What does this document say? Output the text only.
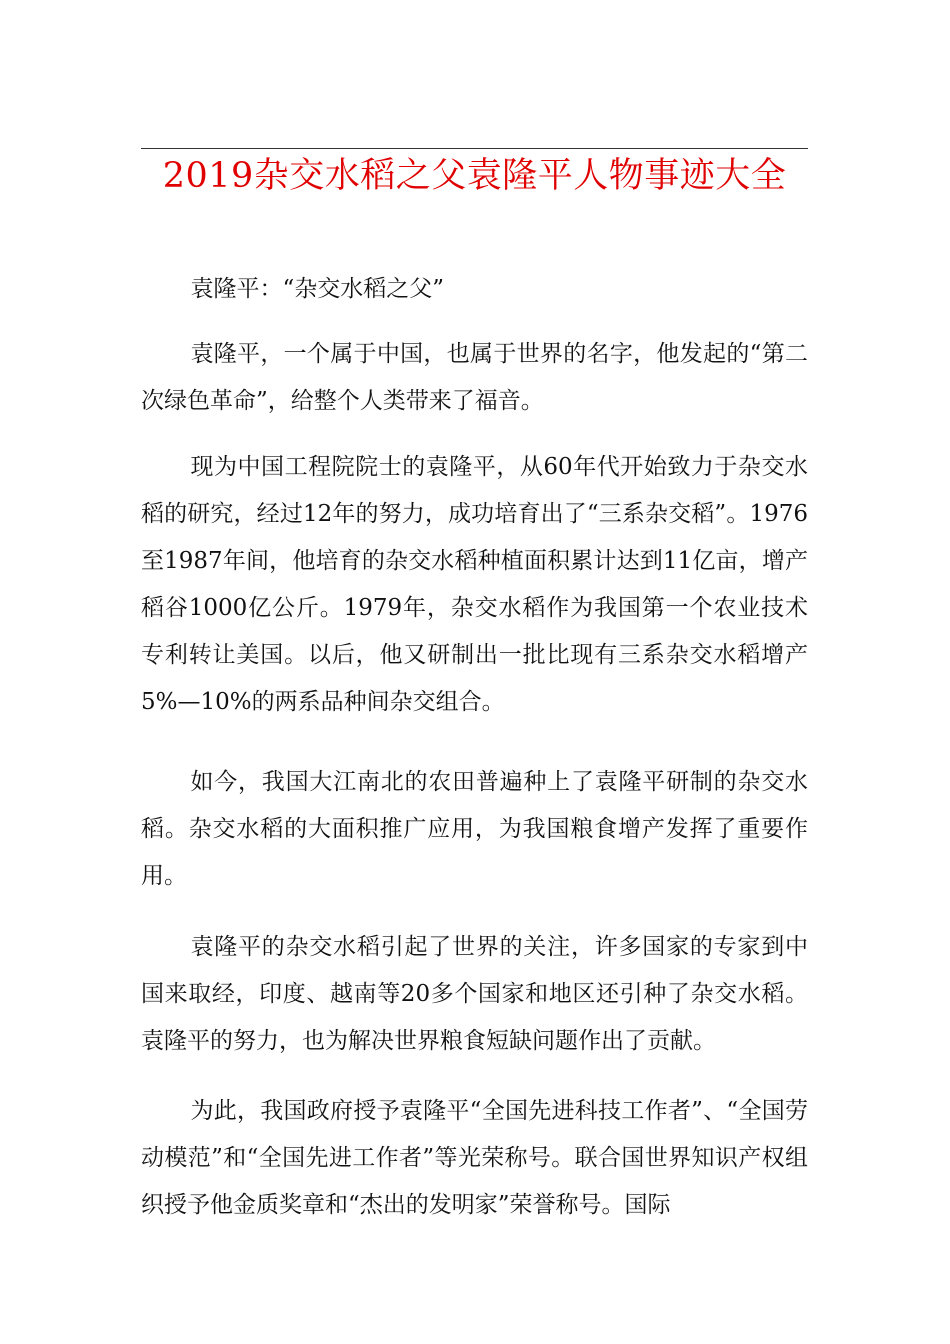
2019杂交水稻之父袁隆平人物事迹大全

袁隆平：“杂交水稻之父”

袁隆平，一个属于中国，也属于世界的名字，他发起的“第二次绿色革命”，给整个人类带来了福音。

现为中国工程院院士的袁隆平，从60年代开始致力于杂交水稻的研究，经过12年的努力，成功培育出了“三系杂交稻”。1976至1987年间，他培育的杂交水稻种植面积累计达到11亿亩，增产稻谷1000亿公斤。1979年，杂交水稻作为我国第一个农业技术专利转让美国。以后，他又研制出一批比现有三系杂交水稻增产5%—10%的两系品种间杂交组合。

如今，我国大江南北的农田普遍种上了袁隆平研制的杂交水稻。杂交水稻的大面积推广应用，为我国粮食增产发挥了重要作用。

袁隆平的杂交水稻引起了世界的关注，许多国家的专家到中国来取经，印度、越南等20多个国家和地区还引种了杂交水稻。袁隆平的努力，也为解决世界粮食短缺问题作出了贡献。

为此，我国政府授予袁隆平“全国先进科技工作者”、“全国劳动模范”和“全国先进工作者”等光荣称号。联合国世界知识产权组织授予他金质奖章和“杰出的发明家”荣誉称号。国际
